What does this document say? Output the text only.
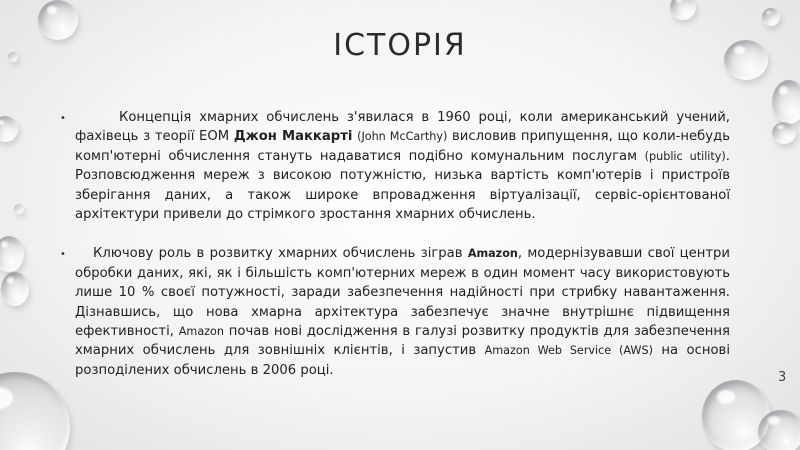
ІСТОРІЯ
•	Концепція хмарних обчислень з'явилася в 1960 році, коли американський учений, фахівець з теорії ЕОМ Джон Маккарті (John McCarthy) висловив припущення, що коли-небудь комп'ютерні обчислення стануть надаватися подібно комунальним послугам (public utility). Розповсюдження мереж з високою потужністю, низька вартість комп'ютерів і пристроїв зберігання даних, а також широке впровадження віртуалізації, сервіс-орієнтованої архітектури привели до стрімкого зростання хмарних обчислень.

•	Ключову роль в розвитку хмарних обчислень зіграв Amazon, модернізувавши свої центри обробки даних, які, як і більшість комп'ютерних мереж в один момент часу використовують лише 10 % своєї потужності, заради забезпечення надійності при стрибку навантаження. Дізнавшись, що нова хмарна архітектура забезпечує значне внутрішнє підвищення ефективності, Amazon почав нові дослідження в галузі розвитку продуктів для забезпечення хмарних обчислень для зовнішніх клієнтів, і запустив Amazon Web Service (AWS) на основі розподілених обчислень в 2006 році.	3
